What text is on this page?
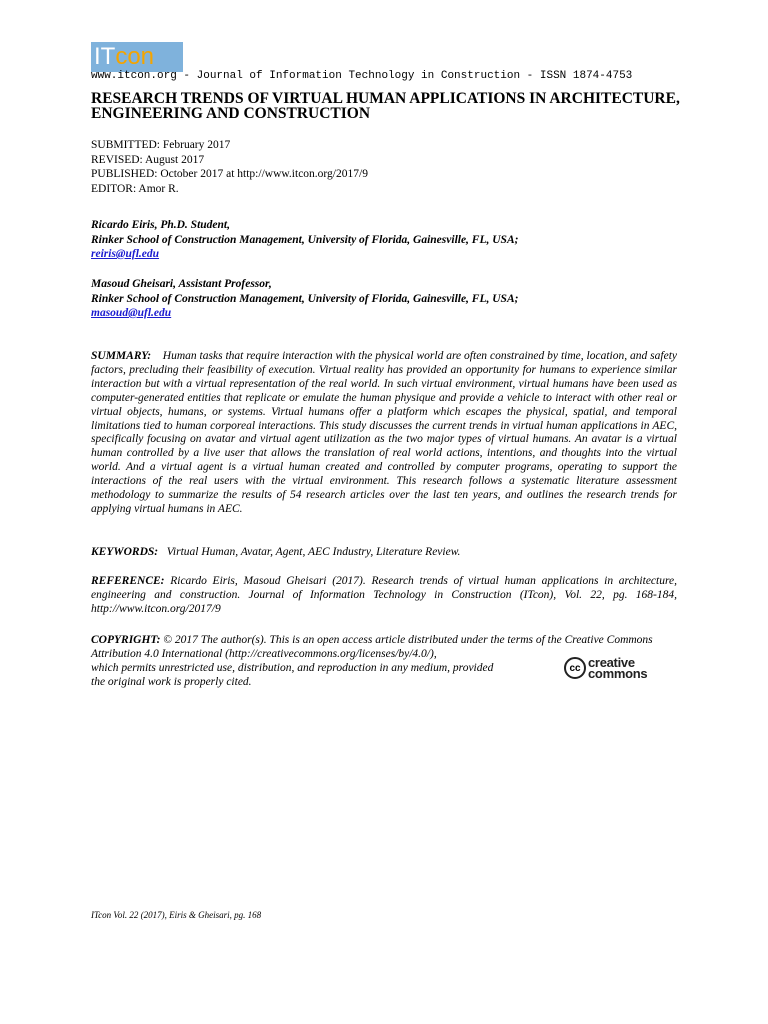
IT con
www.itcon.org - Journal of Information Technology in Construction - ISSN 1874-4753
RESEARCH TRENDS OF VIRTUAL HUMAN APPLICATIONS IN ARCHITECTURE, ENGINEERING AND CONSTRUCTION
SUBMITTED: February 2017
REVISED: August 2017
PUBLISHED: October 2017 at http://www.itcon.org/2017/9
EDITOR: Amor R.
Ricardo Eiris, Ph.D. Student,
Rinker School of Construction Management, University of Florida, Gainesville, FL, USA;
reiris@ufl.edu
Masoud Gheisari, Assistant Professor,
Rinker School of Construction Management, University of Florida, Gainesville, FL, USA;
masoud@ufl.edu
SUMMARY: Human tasks that require interaction with the physical world are often constrained by time, location, and safety factors, precluding their feasibility of execution. Virtual reality has provided an opportunity for humans to experience similar interaction but with a virtual representation of the real world. In such virtual environment, virtual humans have been used as computer-generated entities that replicate or emulate the human physique and provide a vehicle to interact with other real or virtual objects, humans, or systems. Virtual humans offer a platform which escapes the physical, spatial, and temporal limitations tied to human corporeal interactions. This study discusses the current trends in virtual human applications in AEC, specifically focusing on avatar and virtual agent utilization as the two major types of virtual humans. An avatar is a virtual human controlled by a live user that allows the translation of real world actions, intentions, and thoughts into the virtual world. And a virtual agent is a virtual human created and controlled by computer programs, operating to support the interactions of the real users with the virtual environment. This research follows a systematic literature assessment methodology to summarize the results of 54 research articles over the last ten years, and outlines the research trends for applying virtual humans in AEC.
KEYWORDS: Virtual Human, Avatar, Agent, AEC Industry, Literature Review.
REFERENCE: Ricardo Eiris, Masoud Gheisari (2017). Research trends of virtual human applications in architecture, engineering and construction. Journal of Information Technology in Construction (ITcon), Vol. 22, pg. 168-184, http://www.itcon.org/2017/9
COPYRIGHT: © 2017 The author(s). This is an open access article distributed under the terms of the Creative Commons Attribution 4.0 International (http://creativecommons.org/licenses/by/4.0/),
which permits unrestricted use, distribution, and reproduction in any medium, provided
the original work is properly cited.
cc creative
commons
ITcon Vol. 22 (2017), Eiris & Gheisari, pg. 168
